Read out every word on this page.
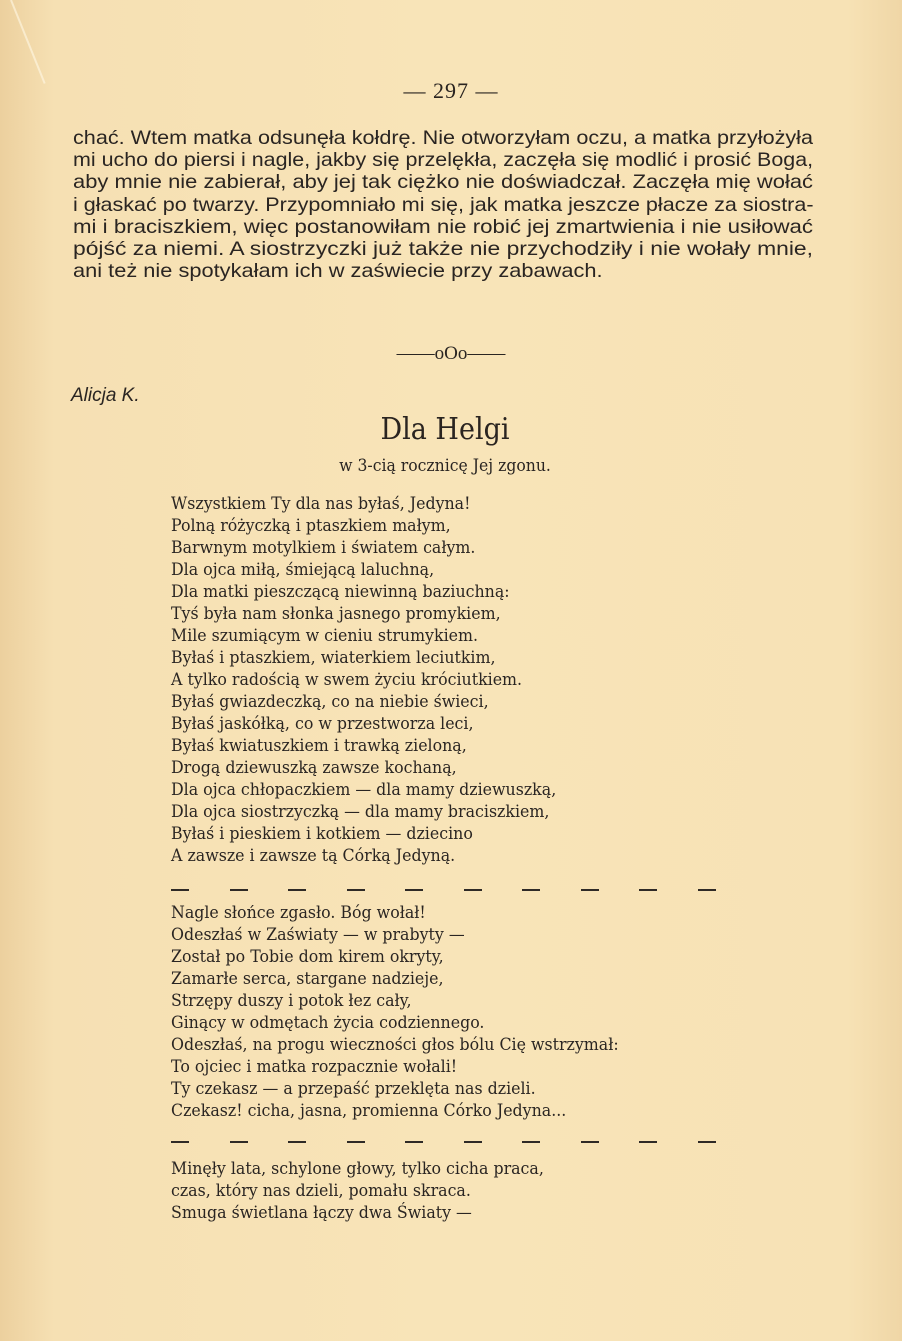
— 297 —
chać. Wtem matka odsunęła kołdrę. Nie otworzyłam oczu, a matka przyłożyła
mi ucho do piersi i nagle, jakby się przelękła, zaczęła się modlić i prosić Boga,
aby mnie nie zabierał, aby jej tak ciężko nie doświadczał. Zaczęła mię wołać
i głaskać po twarzy. Przypomniało mi się, jak matka jeszcze płacze za siostra-
mi i braciszkiem, więc postanowiłam nie robić jej zmartwienia i nie usiłować
pójść za niemi. A siostrzyczki już także nie przychodziły i nie wołały mnie,
ani też nie spotykałam ich w zaświecie przy zabawach.
——oOo——
Alicja K.
Dla Helgi
w 3-cią rocznicę Jej zgonu.
Wszystkiem Ty dla nas byłaś, Jedyna!
Polną różyczką i ptaszkiem małym,
Barwnym motylkiem i światem całym.
Dla ojca miłą, śmiejącą laluchną,
Dla matki pieszczącą niewinną baziuchną:
Tyś była nam słonka jasnego promykiem,
Mile szumiącym w cieniu strumykiem.
Byłaś i ptaszkiem, wiaterkiem leciutkim,
A tylko radością w swem życiu króciutkiem.
Byłaś gwiazdeczką, co na niebie świeci,
Byłaś jaskółką, co w przestworza leci,
Byłaś kwiatuszkiem i trawką zieloną,
Drogą dziewuszką zawsze kochaną,
Dla ojca chłopaczkiem — dla mamy dziewuszką,
Dla ojca siostrzyczką — dla mamy braciszkiem,
Byłaś i pieskiem i kotkiem — dziecino
A zawsze i zawsze tą Córką Jedyną.
Nagle słońce zgasło. Bóg wołał!
Odeszłaś w Zaświaty — w prabyty —
Został po Tobie dom kirem okryty,
Zamarłe serca, stargane nadzieje,
Strzępy duszy i potok łez cały,
Ginący w odmętach życia codziennego.
Odeszłaś, na progu wieczności głos bólu Cię wstrzymał:
To ojciec i matka rozpacznie wołali!
Ty czekasz — a przepaść przeklęta nas dzieli.
Czekasz! cicha, jasna, promienna Córko Jedyna...
Minęły lata, schylone głowy, tylko cicha praca,
czas, który nas dzieli, pomału skraca.
Smuga świetlana łączy dwa Światy —
